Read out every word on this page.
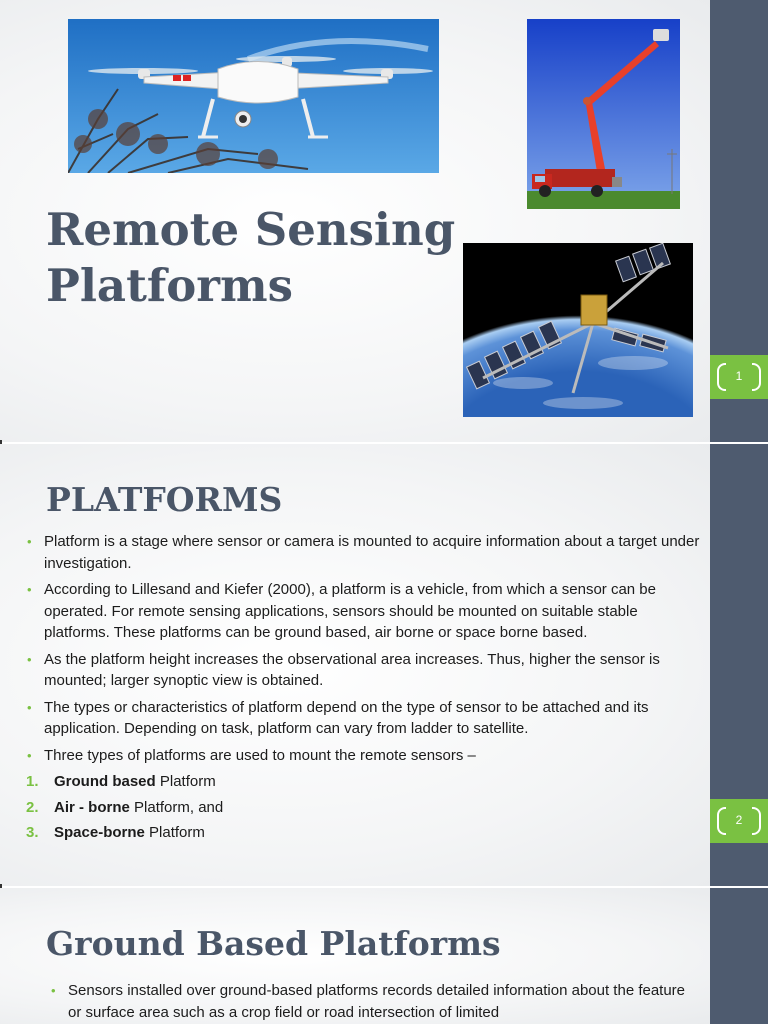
Remote Sensing
Platforms
1
PLATFORMS
• Platform is a stage where sensor or camera is mounted to acquire information about a target under investigation.
• According to Lillesand and Kiefer (2000), a platform is a vehicle, from which a sensor can be operated. For remote sensing applications, sensors should be mounted on suitable stable platforms. These platforms can be ground based, air borne or space borne based.
• As the platform height increases the observational area increases. Thus, higher the sensor is mounted; larger synoptic view is obtained.
• The types or characteristics of platform depend on the type of sensor to be attached and its application. Depending on task, platform can vary from ladder to satellite.
• Three types of platforms are used to mount the remote sensors –
1. Ground based Platform
2. Air - borne Platform, and
3. Space-borne Platform
2
Ground Based Platforms
• Sensors installed over ground-based platforms records detailed information about the feature or surface area such as a crop field or road intersection of limited
